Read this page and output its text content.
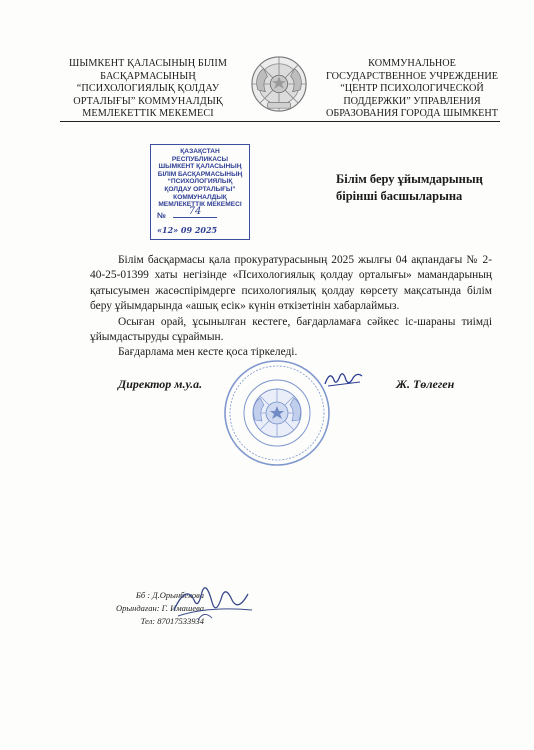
ШЫМКЕНТ ҚАЛАСЫНЫҢ БІЛІМ БАСҚАРМАСЫНЫҢ “ПСИХОЛОГИЯЛЫҚ ҚОЛДАУ ОРТАЛЫҒЫ” КОММУНАЛДЫҚ МЕМЛЕКЕТТІК МЕКЕМЕСІ
КОММУНАЛЬНОЕ ГОСУДАРСТВЕННОЕ УЧРЕЖДЕНИЕ “ЦЕНТР ПСИХОЛОГИЧЕСКОЙ ПОДДЕРЖКИ” УПРАВЛЕНИЯ ОБРАЗОВАНИЯ ГОРОДА ШЫМКЕНТ
ҚАЗАҚСТАН РЕСПУБЛИКАСЫ ШЫМКЕНТ ҚАЛАСЫНЫҢ БІЛІМ БАСҚАРМАСЫНЫҢ “ПСИХОЛОГИЯЛЫҚ ҚОЛДАУ ОРТАЛЫҒЫ” КОММУНАЛДЫҚ МЕМЛЕКЕТТІК МЕКЕМЕСІ
№	74
«12» 09 2025
Білім беру ұйымдарының бірінші басшыларына

Білім басқармасы қала прокуратурасының 2025 жылғы 04 ақпандағы № 2-40-25-01399 хаты негізінде «Психологиялық қолдау орталығы» мамандарының қатысуымен жасөспірімдерге психологиялық қолдау көрсету мақсатында білім беру ұйымдарында «ашық есік» күнін өткізетінін хабарлаймыз.

Осыған орай, ұсынылған кестеге, бағдарламаға сәйкес іс-шараны тиімді ұйымдастыруды сұраймын.

Бағдарлама мен кесте қоса тіркеледі.

Директор м.у.а.	Ж. Төлеген
Бб : Д.Орынбекова
Орындаған: Г. Имашева
Тел: 87017533934
